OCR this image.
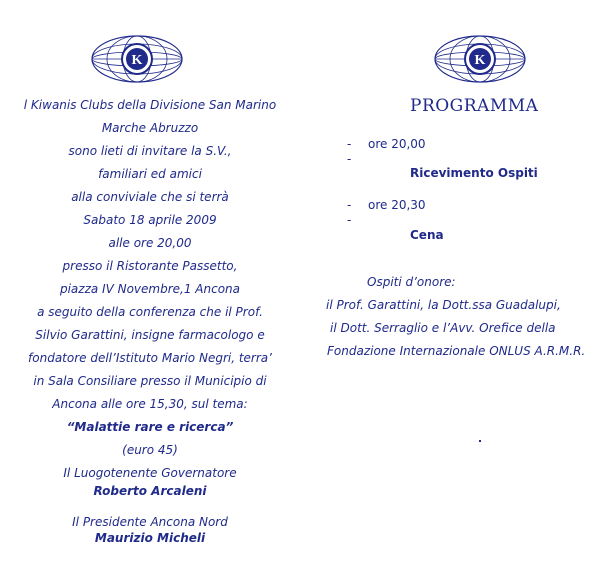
K	K
l Kiwanis Clubs della Divisione San Marino
Marche Abruzzo
sono lieti di invitare la S.V.,
familiari ed amici
alla conviviale che si terrà
Sabato 18 aprile 2009
alle ore 20,00
presso il Ristorante Passetto,
piazza IV Novembre,1 Ancona
a seguito della conferenza che il Prof.
Silvio Garattini, insigne farmacologo e
fondatore dell’Istituto Mario Negri, terra’
in Sala Consiliare presso il Municipio di
Ancona alle ore 15,30, sul tema:
“Malattie rare e ricerca”
(euro 45)
Il Luogotenente Governatore
Roberto Arcaleni
Il Presidente Ancona Nord
Maurizio Micheli
PROGRAMMA
- ore 20,00
-
Ricevimento Ospiti
- ore 20,30
-
Cena
Ospiti d’onore:
il Prof. Garattini, la Dott.ssa Guadalupi,
il Dott. Serraglio e l’Avv. Orefice della
Fondazione Internazionale ONLUS A.R.M.R.
